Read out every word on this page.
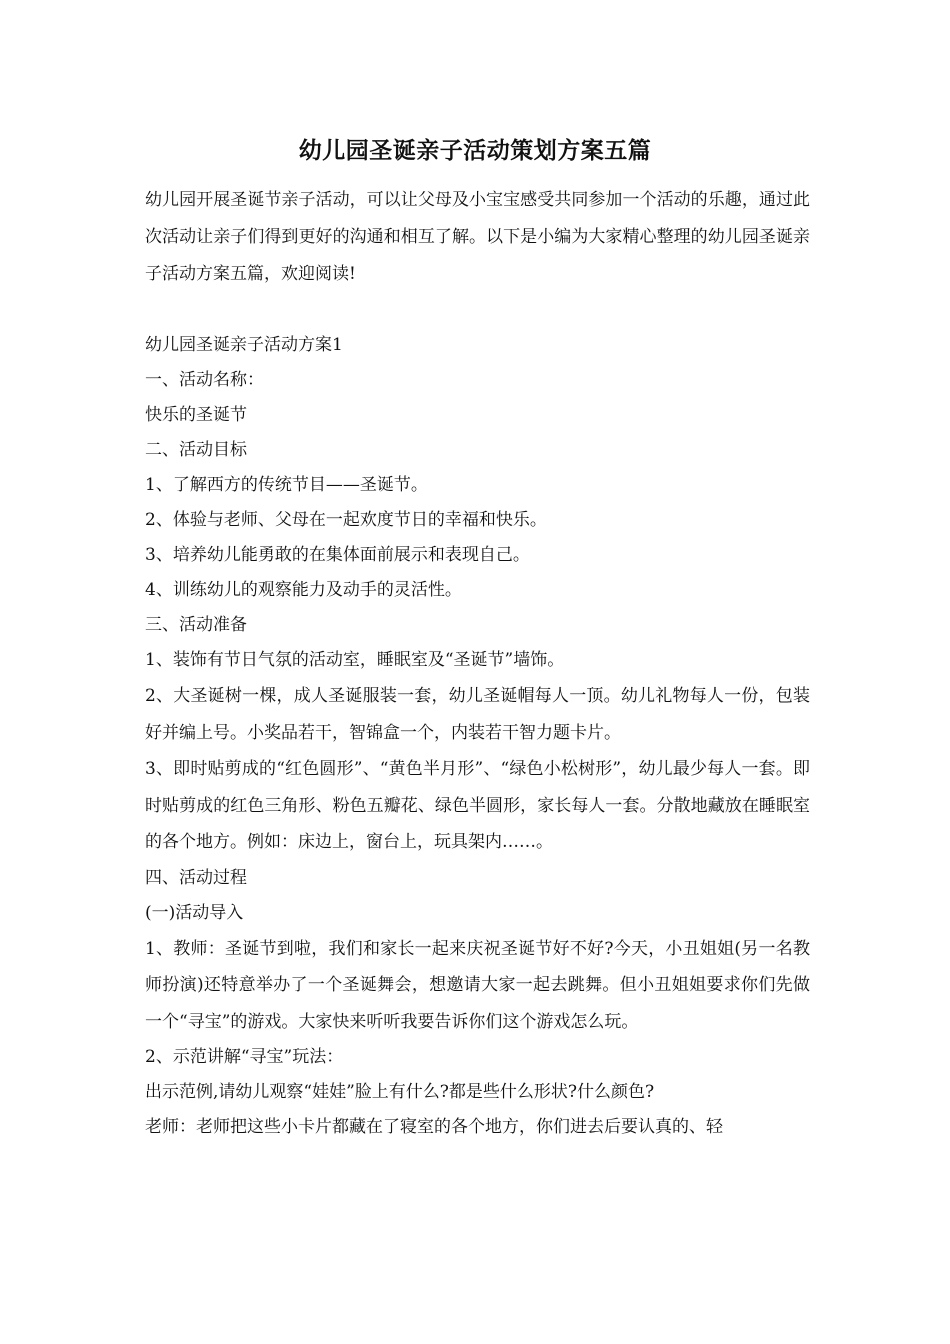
幼儿园圣诞亲子活动策划方案五篇
幼儿园开展圣诞节亲子活动，可以让父母及小宝宝感受共同参加一个活动的乐趣，通过此次活动让亲子们得到更好的沟通和相互了解。以下是小编为大家精心整理的幼儿园圣诞亲子活动方案五篇，欢迎阅读!
幼儿园圣诞亲子活动方案1
一、活动名称：
快乐的圣诞节
二、活动目标
1、了解西方的传统节目——圣诞节。
2、体验与老师、父母在一起欢度节日的幸福和快乐。
3、培养幼儿能勇敢的在集体面前展示和表现自己。
4、训练幼儿的观察能力及动手的灵活性。
三、活动准备
1、装饰有节日气氛的活动室，睡眠室及“圣诞节”墙饰。
2、大圣诞树一棵，成人圣诞服装一套，幼儿圣诞帽每人一顶。幼儿礼物每人一份，包装好并编上号。小奖品若干，智锦盒一个，内装若干智力题卡片。
3、即时贴剪成的“红色圆形”、“黄色半月形”、“绿色小松树形”，幼儿最少每人一套。即时贴剪成的红色三角形、粉色五瓣花、绿色半圆形，家长每人一套。分散地藏放在睡眠室的各个地方。例如：床边上，窗台上，玩具架内……。
四、活动过程
(一)活动导入
1、教师：圣诞节到啦，我们和家长一起来庆祝圣诞节好不好?今天，小丑姐姐(另一名教师扮演)还特意举办了一个圣诞舞会，想邀请大家一起去跳舞。但小丑姐姐要求你们先做一个“寻宝”的游戏。大家快来听听我要告诉你们这个游戏怎么玩。
2、示范讲解“寻宝”玩法：
出示范例,请幼儿观察“娃娃”脸上有什么?都是些什么形状?什么颜色?
老师：老师把这些小卡片都藏在了寝室的各个地方，你们进去后要认真的、轻
